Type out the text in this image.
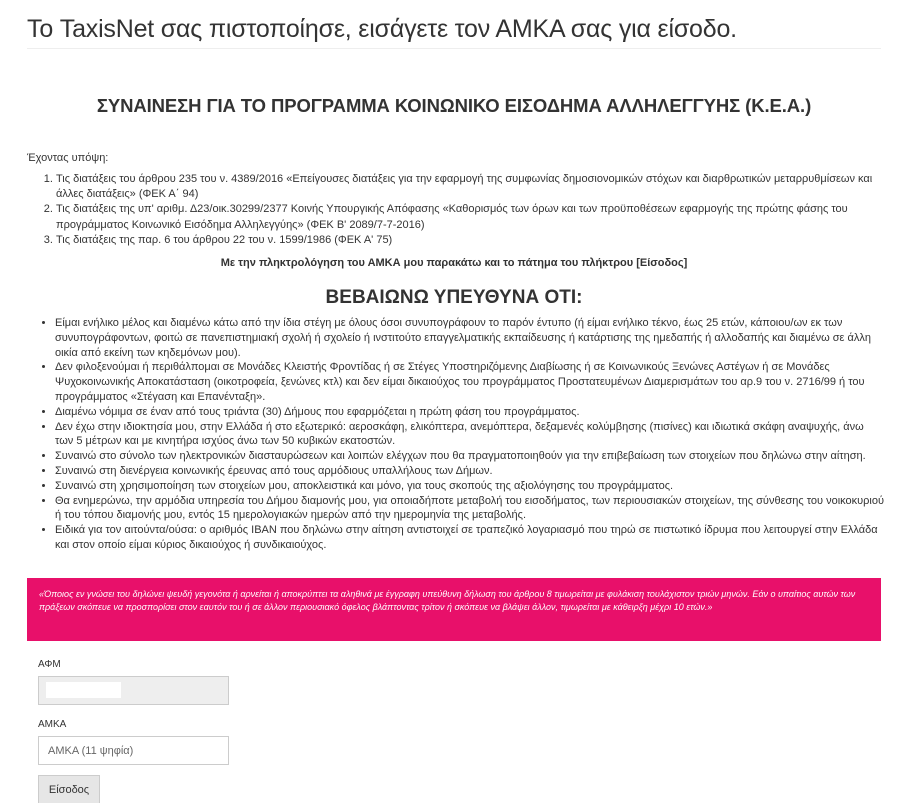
Το TaxisNet σας πιστοποίησε, εισάγετε τον ΑΜΚΑ σας για είσοδο.
ΣΥΝΑΙΝΕΣΗ ΓΙΑ ΤΟ ΠΡΟΓΡΑΜΜΑ ΚΟΙΝΩΝΙΚΟ ΕΙΣΟΔΗΜΑ ΑΛΛΗΛΕΓΓΥΗΣ (Κ.Ε.Α.)

Έχοντας υπόψη:

1. Τις διατάξεις του άρθρου 235 του ν. 4389/2016 «Επείγουσες διατάξεις για την εφαρμογή της συμφωνίας δημοσιονομικών στόχων και διαρθρωτικών μεταρρυθμίσεων και άλλες διατάξεις» (ΦΕΚ Α΄ 94)
2. Τις διατάξεις της υπ' αριθμ. Δ23/οικ.30299/2377 Κοινής Υπουργικής Απόφασης «Καθορισμός των όρων και των προϋποθέσεων εφαρμογής της πρώτης φάσης του προγράμματος Κοινωνικό Εισόδημα Αλληλεγγύης» (ΦΕΚ Β' 2089/7-7-2016)
3. Τις διατάξεις της παρ. 6 του άρθρου 22 του ν. 1599/1986 (ΦΕΚ Α' 75)

Με την πληκτρολόγηση του ΑΜΚΑ μου παρακάτω και το πάτημα του πλήκτρου [Είσοδος]

ΒΕΒΑΙΩΝΩ ΥΠΕΥΘΥΝΑ ΟΤΙ:
• Είμαι ενήλικο μέλος και διαμένω κάτω από την ίδια στέγη με όλους όσοι συνυπογράφουν το παρόν έντυπο (ή είμαι ενήλικο τέκνο, έως 25 ετών, κάποιου/ων εκ των συνυπογράφοντων, φοιτώ σε πανεπιστημιακή σχολή ή σχολείο ή ινστιτούτο επαγγελματικής εκπαίδευσης ή κατάρτισης της ημεδαπής ή αλλοδαπής και διαμένω σε άλλη οικία από εκείνη των κηδεμόνων μου).
• Δεν φιλοξενούμαι ή περιθάλπομαι σε Μονάδες Κλειστής Φροντίδας ή σε Στέγες Υποστηριζόμενης Διαβίωσης ή σε Κοινωνικούς Ξενώνες Αστέγων ή σε Μονάδες Ψυχοκοινωνικής Αποκατάσταση (οικοτροφεία, ξενώνες κτλ) και δεν είμαι δικαιούχος του προγράμματος Προστατευμένων Διαμερισμάτων του αρ.9 του ν. 2716/99 ή του προγράμματος «Στέγαση και Επανένταξη».
• Διαμένω νόμιμα σε έναν από τους τριάντα (30) Δήμους που εφαρμόζεται η πρώτη φάση του προγράμματος.
• Δεν έχω στην ιδιοκτησία μου, στην Ελλάδα ή στο εξωτερικό: αεροσκάφη, ελικόπτερα, ανεμόπτερα, δεξαμενές κολύμβησης (πισίνες) και ιδιωτικά σκάφη αναψυχής, άνω των 5 μέτρων και με κινητήρα ισχύος άνω των 50 κυβικών εκατοστών.
• Συναινώ στο σύνολο των ηλεκτρονικών διασταυρώσεων και λοιπών ελέγχων που θα πραγματοποιηθούν για την επιβεβαίωση των στοιχείων που δηλώνω στην αίτηση.
• Συναινώ στη διενέργεια κοινωνικής έρευνας από τους αρμόδιους υπαλλήλους των Δήμων.
• Συναινώ στη χρησιμοποίηση των στοιχείων μου, αποκλειστικά και μόνο, για τους σκοπούς της αξιολόγησης του προγράμματος.
• Θα ενημερώνω, την αρμόδια υπηρεσία του Δήμου διαμονής μου, για οποιαδήποτε μεταβολή του εισοδήματος, των περιουσιακών στοιχείων, της σύνθεσης του νοικοκυριού ή του τόπου διαμονής μου, εντός 15 ημερολογιακών ημερών από την ημερομηνία της μεταβολής.
• Ειδικά για τον αιτούντα/ούσα: ο αριθμός IBAN που δηλώνω στην αίτηση αντιστοιχεί σε τραπεζικό λογαριασμό που τηρώ σε πιστωτικό ίδρυμα που λειτουργεί στην Ελλάδα και στον οποίο είμαι κύριος δικαιούχος ή συνδικαιούχος.
«Όποιος εν γνώσει του δηλώνει ψευδή γεγονότα ή αρνείται ή αποκρύπτει τα αληθινά με έγγραφη υπεύθυνη δήλωση του άρθρου 8 τιμωρείται με φυλάκιση τουλάχιστον τριών μηνών. Εάν ο υπαίτιος αυτών των πράξεων σκόπευε να προσπορίσει στον εαυτόν του ή σε άλλον περιουσιακό όφελος βλάπτοντας τρίτον ή σκόπευε να βλάψει άλλον, τιμωρείται με κάθειρξη μέχρι 10 ετών.»
ΑΦΜ
ΑΜΚΑ
ΑΜΚΑ (11 ψηφία)
Είσοδος
